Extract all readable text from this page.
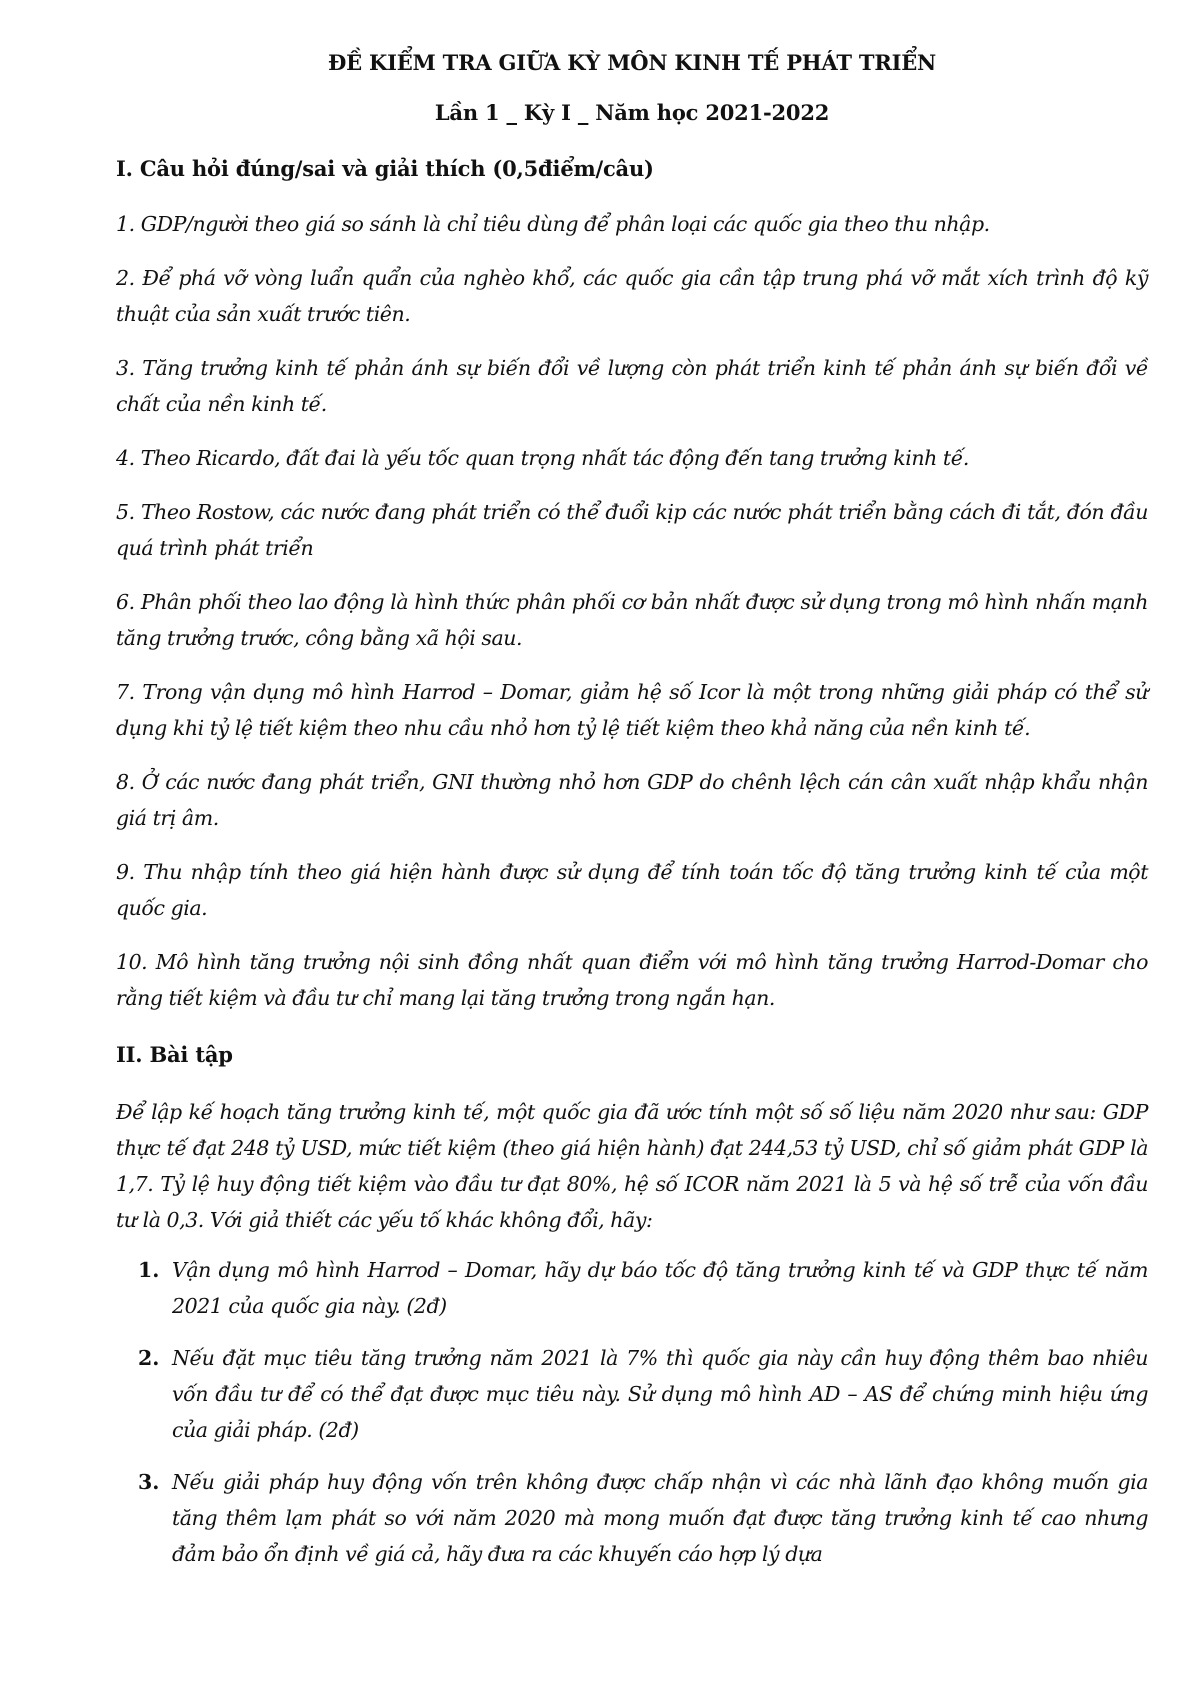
ĐỀ KIỂM TRA GIỮA KỲ MÔN KINH TẾ PHÁT TRIỂN
Lần 1 _ Kỳ I _ Năm học 2021-2022
I. Câu hỏi đúng/sai và giải thích (0,5điểm/câu)

1. GDP/người theo giá so sánh là chỉ tiêu dùng để phân loại các quốc gia theo thu nhập.

2. Để phá vỡ vòng luẩn quẩn của nghèo khổ, các quốc gia cần tập trung phá vỡ mắt xích trình độ kỹ thuật của sản xuất trước tiên.

3. Tăng trưởng kinh tế phản ánh sự biến đổi về lượng còn phát triển kinh tế phản ánh sự biến đổi về chất của nền kinh tế.

4. Theo Ricardo, đất đai là yếu tốc quan trọng nhất tác động đến tang trưởng kinh tế.

5. Theo Rostow, các nước đang phát triển có thể đuổi kịp các nước phát triển bằng cách đi tắt, đón đầu quá trình phát triển

6. Phân phối theo lao động là hình thức phân phối cơ bản nhất được sử dụng trong mô hình nhấn mạnh tăng trưởng trước, công bằng xã hội sau.

7. Trong vận dụng mô hình Harrod – Domar, giảm hệ số Icor là một trong những giải pháp có thể sử dụng khi tỷ lệ tiết kiệm theo nhu cầu nhỏ hơn tỷ lệ tiết kiệm theo khả năng của nền kinh tế.

8. Ở các nước đang phát triển, GNI thường nhỏ hơn GDP do chênh lệch cán cân xuất nhập khẩu nhận giá trị âm.

9. Thu nhập tính theo giá hiện hành được sử dụng để tính toán tốc độ tăng trưởng kinh tế của một quốc gia.

10. Mô hình tăng trưởng nội sinh đồng nhất quan điểm với mô hình tăng trưởng Harrod-Domar cho rằng tiết kiệm và đầu tư chỉ mang lại tăng trưởng trong ngắn hạn.

II. Bài tập

Để lập kế hoạch tăng trưởng kinh tế, một quốc gia đã ước tính một số số liệu năm 2020 như sau: GDP thực tế đạt 248 tỷ USD, mức tiết kiệm (theo giá hiện hành) đạt 244,53 tỷ USD, chỉ số giảm phát GDP là 1,7. Tỷ lệ huy động tiết kiệm vào đầu tư đạt 80%, hệ số ICOR năm 2021 là 5 và hệ số trễ của vốn đầu tư là 0,3. Với giả thiết các yếu tố khác không đổi, hãy:

1. Vận dụng mô hình Harrod – Domar, hãy dự báo tốc độ tăng trưởng kinh tế và GDP thực tế năm 2021 của quốc gia này. (2đ)
2. Nếu đặt mục tiêu tăng trưởng năm 2021 là 7% thì quốc gia này cần huy động thêm bao nhiêu vốn đầu tư để có thể đạt được mục tiêu này. Sử dụng mô hình AD – AS để chứng minh hiệu ứng của giải pháp. (2đ)
3. Nếu giải pháp huy động vốn trên không được chấp nhận vì các nhà lãnh đạo không muốn gia tăng thêm lạm phát so với năm 2020 mà mong muốn đạt được tăng trưởng kinh tế cao nhưng đảm bảo ổn định về giá cả, hãy đưa ra các khuyến cáo hợp lý dựa
